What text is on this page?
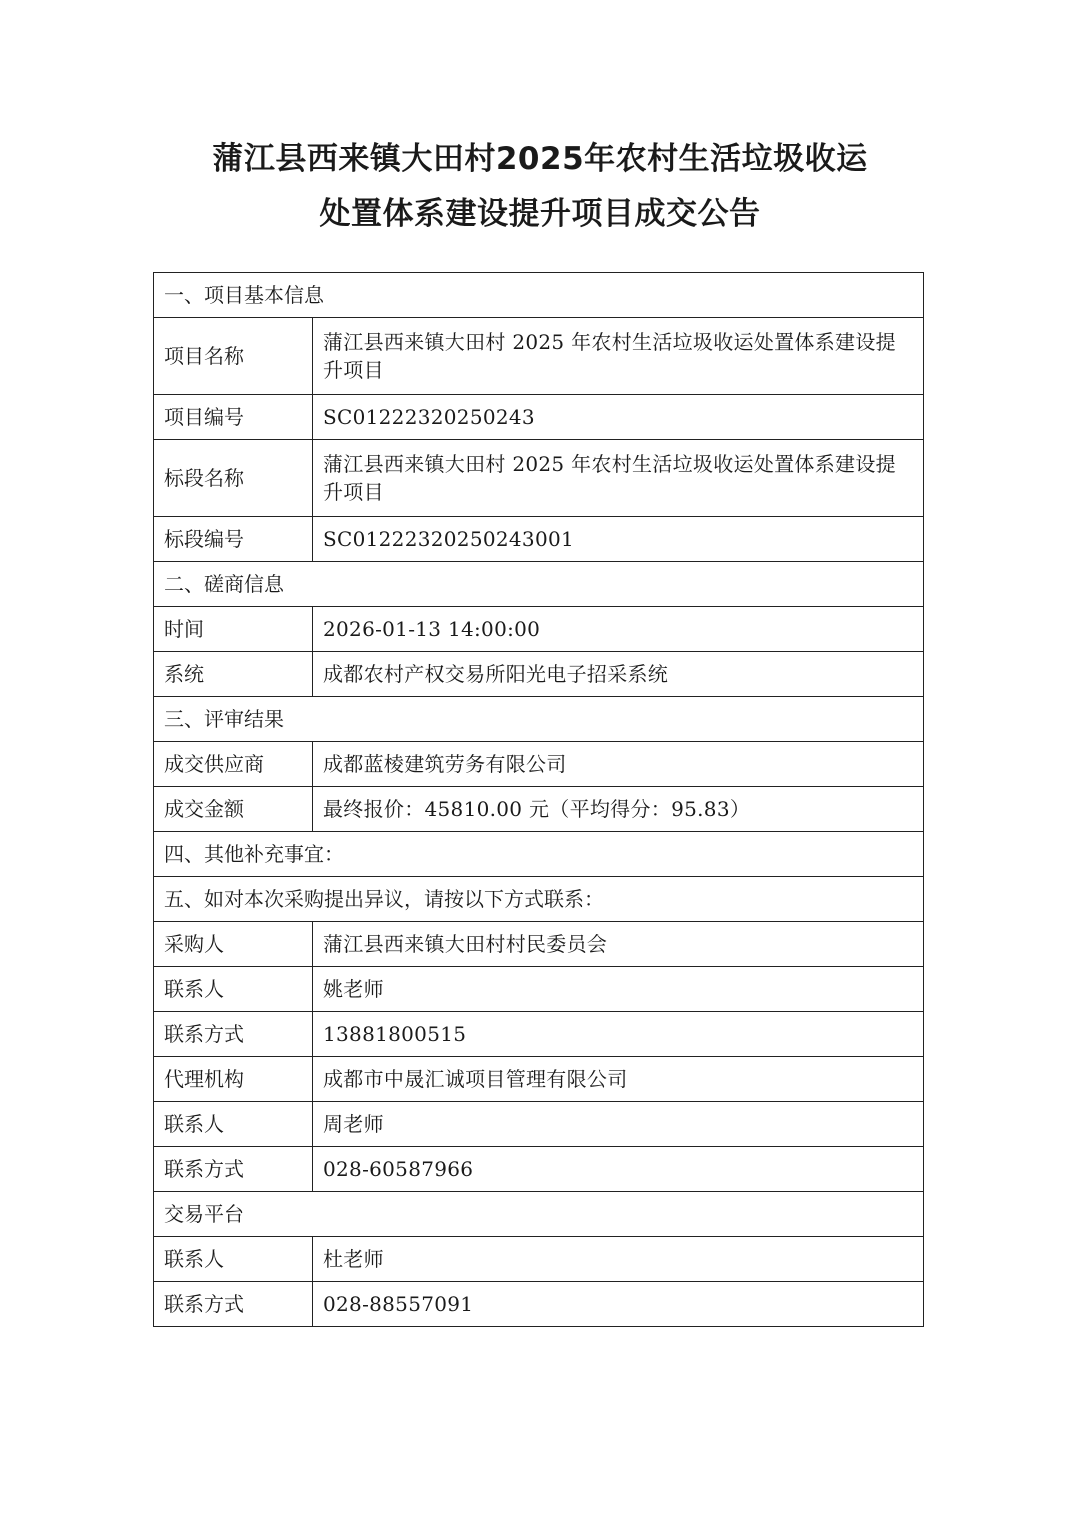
蒲江县西来镇大田村2025年农村生活垃圾收运
处置体系建设提升项目成交公告
一、项目基本信息	
项目名称	蒲江县西来镇大田村 2025 年农村生活垃圾收运处置体系建设提升项目
项目编号	SC01222320250243
标段名称	蒲江县西来镇大田村 2025 年农村生活垃圾收运处置体系建设提升项目
标段编号	SC01222320250243001
二、磋商信息	
时间	2026-01-13 14:00:00
系统	成都农村产权交易所阳光电子招采系统
三、评审结果	
成交供应商	成都蓝棱建筑劳务有限公司
成交金额	最终报价：45810.00 元（平均得分：95.83）
四、其他补充事宜：	
五、如对本次采购提出异议，请按以下方式联系：	
采购人	蒲江县西来镇大田村村民委员会
联系人	姚老师
联系方式	13881800515
代理机构	成都市中晟汇诚项目管理有限公司
联系人	周老师
联系方式	028-60587966
交易平台	
联系人	杜老师
联系方式	028-88557091
